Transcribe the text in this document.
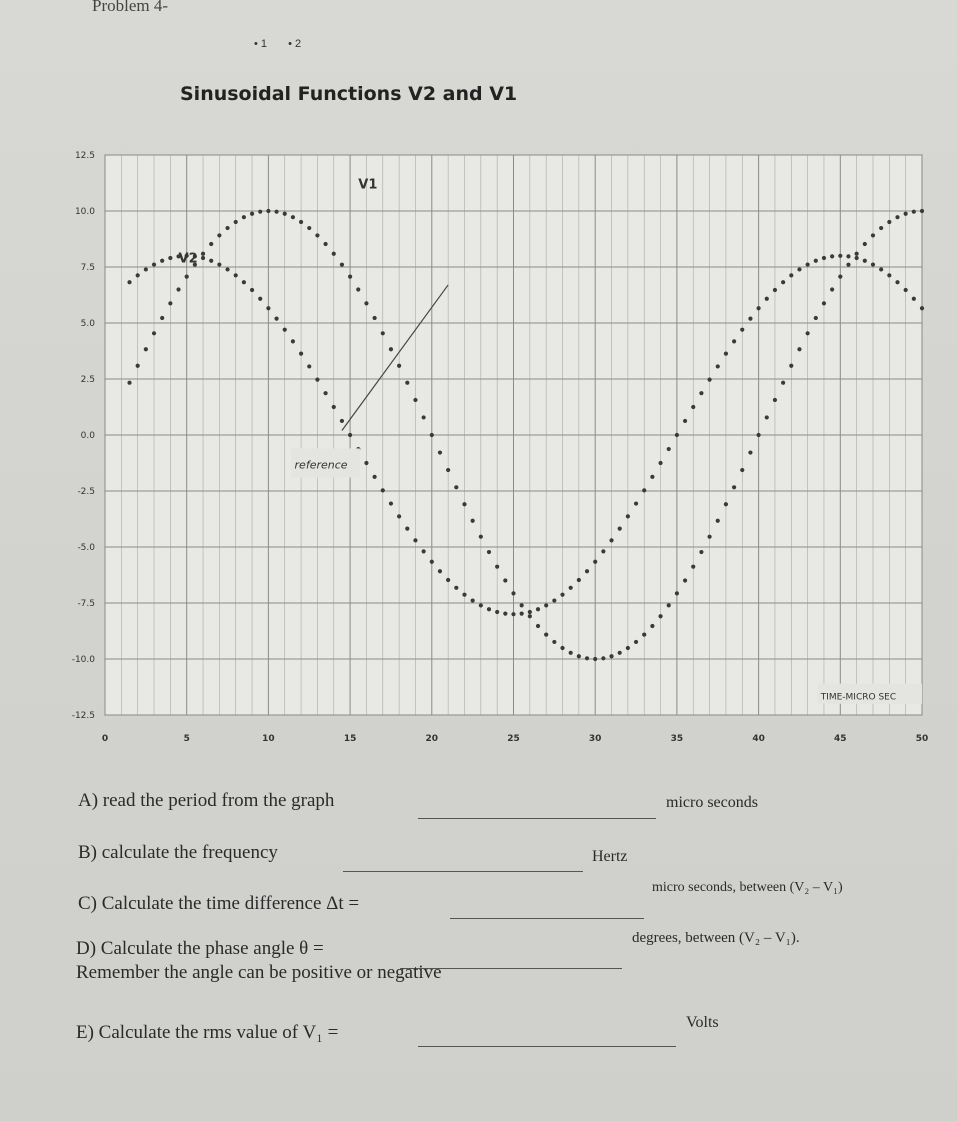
Problem 4-
• 1 • 2
Sinusoidal Functions V2 and V1
12.5
10.0
7.5
5.0
2.5
0.0
-2.5
-5.0
-7.5
-10.0
-12.5
0	5	10	15	20	25	30	35	40	45	50
V1
V2
reference
TIME-MICRO SEC
A) read the period from the graph	micro seconds
B) calculate the frequency	Hertz
C) Calculate the time difference Δt =
micro seconds, between (V₂ – V₁)
D) Calculate the phase angle θ =	degrees, between (V₂ – V₁).
Remember the angle can be positive or negative
E) Calculate the rms value of V₁ =	Volts
